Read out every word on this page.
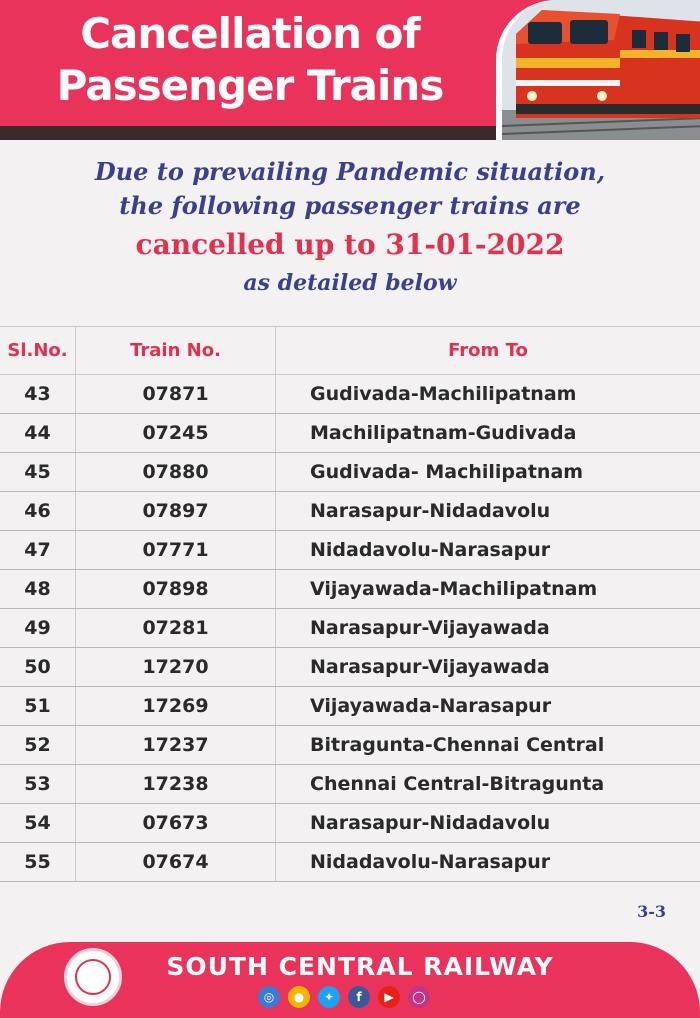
Cancellation of
Passenger Trains
Due to prevailing Pandemic situation,
the following passenger trains are
cancelled up to 31-01-2022
as detailed below
Sl.No.	Train No.	From To
43	07871	Gudivada-Machilipatnam
44	07245	Machilipatnam-Gudivada
45	07880	Gudivada- Machilipatnam
46	07897	Narasapur-Nidadavolu
47	07771	Nidadavolu-Narasapur
48	07898	Vijayawada-Machilipatnam
49	07281	Narasapur-Vijayawada
50	17270	Narasapur-Vijayawada
51	17269	Vijayawada-Narasapur
52	17237	Bitragunta-Chennai Central
53	17238	Chennai Central-Bitragunta
54	07673	Narasapur-Nidadavolu
55	07674	Nidadavolu-Narasapur
3-3
SOUTH CENTRAL RAILWAY
◎	●	✦	f	▶	◯
